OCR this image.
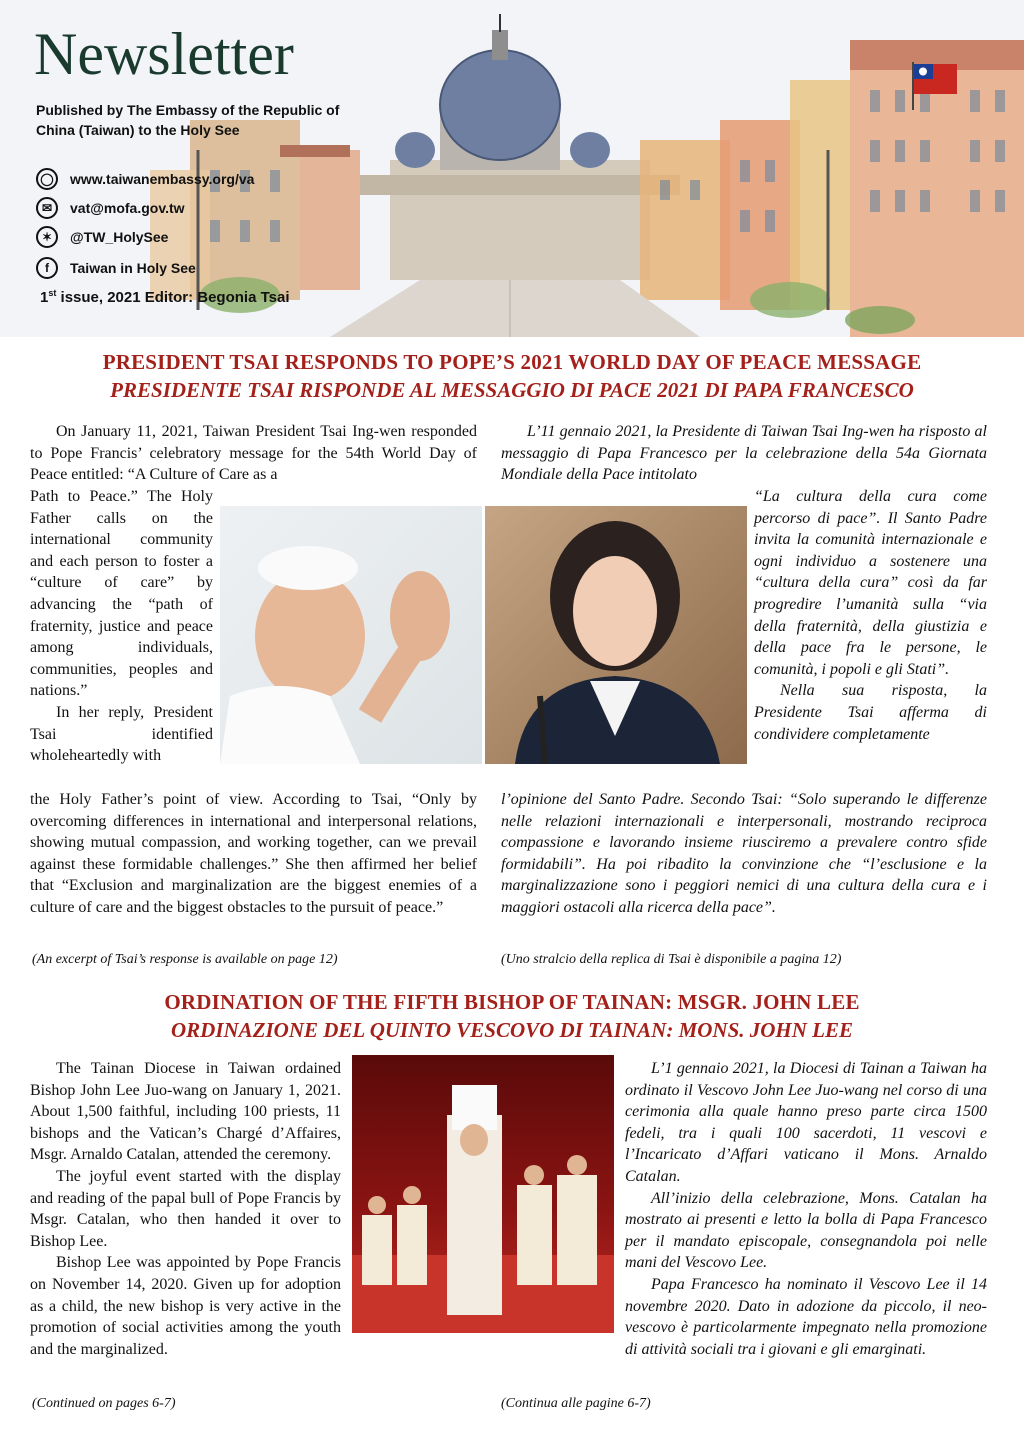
Newsletter
Published by The Embassy of the Republic of China (Taiwan) to the Holy See
◯	www.taiwanembassy.org/va
✉	vat@mofa.gov.tw
✶	@TW_HolySee
f	Taiwan in Holy See
1st issue, 2021 Editor: Begonia Tsai
PRESIDENT TSAI RESPONDS TO POPE’S 2021 WORLD DAY OF PEACE MESSAGE
PRESIDENTE TSAI RISPONDE AL MESSAGGIO DI PACE 2021 DI PAPA FRANCESCO

On January 11, 2021, Taiwan President Tsai Ing-wen responded to Pope Francis’ celebratory message for the 54th World Day of Peace entitled: “A Culture of Care as a

Path to Peace.” The Holy Father calls on the international community and each person to foster a “culture of care” by advancing the “path of fraternity, justice and peace among individuals, communities, peoples and nations.”

In her reply, President Tsai identified wholeheartedly with

the Holy Father’s point of view. According to Tsai, “Only by overcoming differences in international and interpersonal relations, showing mutual compassion, and working together, can we prevail against these formidable challenges.” She then affirmed her belief that “Exclusion and marginalization are the biggest enemies of a culture of care and the biggest obstacles to the pursuit of peace.”

(An excerpt of Tsai’s response is available on page 12)

L’11 gennaio 2021, la Presidente di Taiwan Tsai Ing-wen ha risposto al messaggio di Papa Francesco per la celebrazione della 54a Giornata Mondiale della Pace intitolato

“La cultura della cura come percorso di pace”. Il Santo Padre invita la comunità internazionale e ogni individuo a sostenere una “cultura della cura” così da far progredire l’umanità sulla “via della fraternità, della giustizia e della pace fra le persone, le comunità, i popoli e gli Stati”.

Nella sua risposta, la Presidente Tsai afferma di condividere completamente

l’opinione del Santo Padre. Secondo Tsai: “Solo superando le differenze nelle relazioni internazionali e interpersonali, mostrando reciproca compassione e lavorando insieme riusciremo a prevalere contro sfide formidabili”. Ha poi ribadito la convinzione che “l’esclusione e la marginalizzazione sono i peggiori nemici di una cultura della cura e i maggiori ostacoli alla ricerca della pace”.

(Uno stralcio della replica di Tsai è disponibile a pagina 12)
ORDINATION OF THE FIFTH BISHOP OF TAINAN: MSGR. JOHN LEE
ORDINAZIONE DEL QUINTO VESCOVO DI TAINAN: MONS. JOHN LEE

The Tainan Diocese in Taiwan ordained Bishop John Lee Juo-wang on January 1, 2021. About 1,500 faithful, including 100 priests, 11 bishops and the Vatican’s Chargé d’Affaires, Msgr. Arnaldo Catalan, attended the ceremony.

The joyful event started with the display and reading of the papal bull of Pope Francis by Msgr. Catalan, who then handed it over to Bishop Lee.

Bishop Lee was appointed by Pope Francis on November 14, 2020. Given up for adoption as a child, the new bishop is very active in the promotion of social activities among the youth and the marginalized.

(Continued on pages 6-7)

L’1 gennaio 2021, la Diocesi di Tainan a Taiwan ha ordinato il Vescovo John Lee Juo-wang nel corso di una cerimonia alla quale hanno preso parte circa 1500 fedeli, tra i quali 100 sacerdoti, 11 vescovi e l’Incaricato d’Affari vaticano il Mons. Arnaldo Catalan.

All’inizio della celebrazione, Mons. Catalan ha mostrato ai presenti e letto la bolla di Papa Francesco per il mandato episcopale, consegnandola poi nelle mani del Vescovo Lee.

Papa Francesco ha nominato il Vescovo Lee il 14 novembre 2020. Dato in adozione da piccolo, il neo-vescovo è particolarmente impegnato nella promozione di attività sociali tra i giovani e gli emarginati.

(Continua alle pagine 6-7)
